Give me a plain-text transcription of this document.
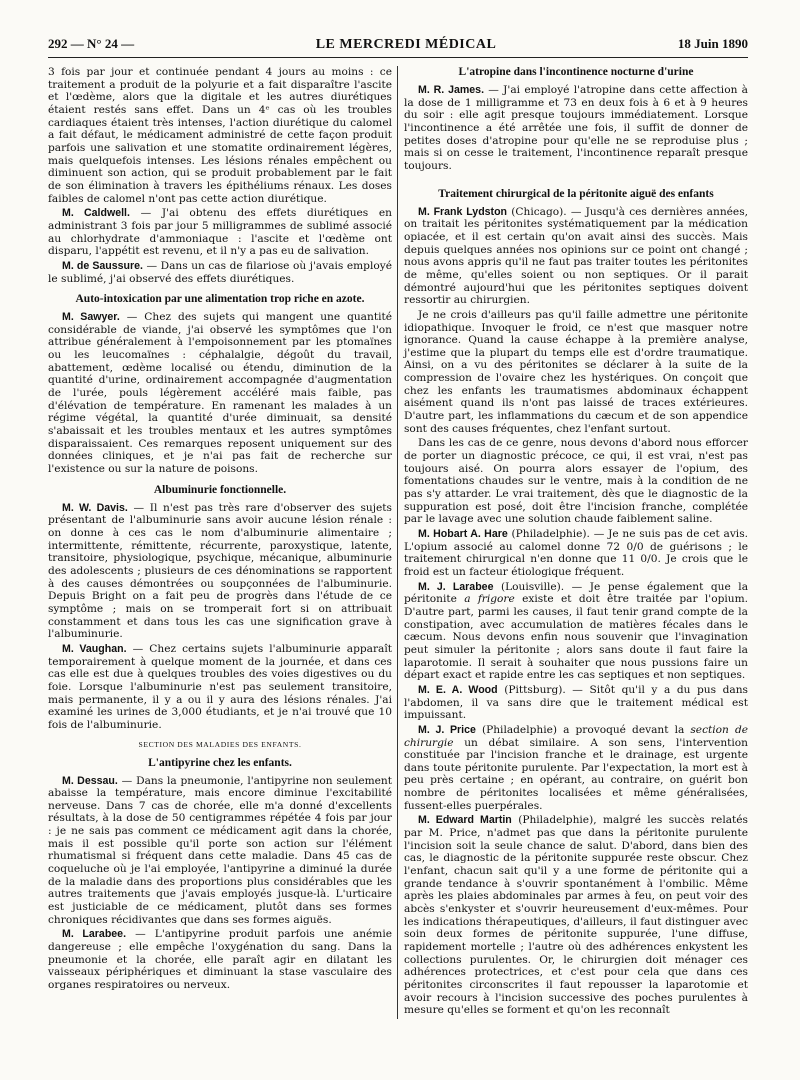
292 — N° 24 —	LE MERCREDI MÉDICAL	18 Juin 1890

3 fois par jour et continuée pendant 4 jours au moins : ce traitement a produit de la polyurie et a fait disparaître l'ascite et l'œdème, alors que la digitale et les autres diurétiques étaient restés sans effet. Dans un 4ᵉ cas où les troubles cardiaques étaient très intenses, l'action diurétique du calomel a fait défaut, le médicament administré de cette façon produit parfois une salivation et une stomatite ordinairement légères, mais quelquefois intenses. Les lésions rénales empêchent ou diminuent son action, qui se produit probablement par le fait de son élimination à travers les épithéliums rénaux. Les doses faibles de calomel n'ont pas cette action diurétique.

M. Caldwell. — J'ai obtenu des effets diurétiques en administrant 3 fois par jour 5 milligrammes de sublimé associé au chlorhydrate d'ammoniaque : l'ascite et l'œdème ont disparu, l'appétit est revenu, et il n'y a pas eu de salivation.

M. de Saussure. — Dans un cas de filariose où j'avais employé le sublimé, j'ai observé des effets diurétiques.

Auto-intoxication par une alimentation trop riche en azote.

M. Sawyer. — Chez des sujets qui mangent une quantité considérable de viande, j'ai observé les symptômes que l'on attribue généralement à l'empoisonnement par les ptomaïnes ou les leucomaïnes : céphalalgie, dégoût du travail, abattement, œdème localisé ou étendu, diminution de la quantité d'urine, ordinairement accompagnée d'augmentation de l'urée, pouls légèrement accéléré mais faible, pas d'élévation de température. En ramenant les malades à un régime végétal, la quantité d'urée diminuait, sa densité s'abaissait et les troubles mentaux et les autres symptômes disparaissaient. Ces remarques reposent uniquement sur des données cliniques, et je n'ai pas fait de recherche sur l'existence ou sur la nature de poisons.

Albuminurie fonctionnelle.

M. W. Davis. — Il n'est pas très rare d'observer des sujets présentant de l'albuminurie sans avoir aucune lésion rénale : on donne à ces cas le nom d'albuminurie alimentaire ; intermittente, rémittente, récurrente, paroxystique, latente, transitoire, physiologique, psychique, mécanique, albuminurie des adolescents ; plusieurs de ces dénominations se rapportent à des causes démontrées ou soupçonnées de l'albuminurie. Depuis Bright on a fait peu de progrès dans l'étude de ce symptôme ; mais on se tromperait fort si on attribuait constamment et dans tous les cas une signification grave à l'albuminurie.

M. Vaughan. — Chez certains sujets l'albuminurie apparaît temporairement à quelque moment de la journée, et dans ces cas elle est due à quelques troubles des voies digestives ou du foie. Lorsque l'albuminurie n'est pas seulement transitoire, mais permanente, il y a ou il y aura des lésions rénales. J'ai examiné les urines de 3,000 étudiants, et je n'ai trouvé que 10 fois de l'albuminurie.

SECTION DES MALADIES DES ENFANTS.
L'antipyrine chez les enfants.

M. Dessau. — Dans la pneumonie, l'antipyrine non seulement abaisse la température, mais encore diminue l'excitabilité nerveuse. Dans 7 cas de chorée, elle m'a donné d'excellents résultats, à la dose de 50 centigrammes répétée 4 fois par jour : je ne sais pas comment ce médicament agit dans la chorée, mais il est possible qu'il porte son action sur l'élément rhumatismal si fréquent dans cette maladie. Dans 45 cas de coqueluche où je l'ai employée, l'antipyrine a diminué la durée de la maladie dans des proportions plus considérables que les autres traitements que j'avais employés jusque-là. L'urticaire est justiciable de ce médicament, plutôt dans ses formes chroniques récidivantes que dans ses formes aiguës.

M. Larabee. — L'antipyrine produit parfois une anémie dangereuse ; elle empêche l'oxygénation du sang. Dans la pneumonie et la chorée, elle paraît agir en dilatant les vaisseaux périphériques et diminuant la stase vasculaire des organes respiratoires ou nerveux.

L'atropine dans l'incontinence nocturne d'urine

M. R. James. — J'ai employé l'atropine dans cette affection à la dose de 1 milligramme et 73 en deux fois à 6 et à 9 heures du soir : elle agit presque toujours immédiatement. Lorsque l'incontinence a été arrêtée une fois, il suffit de donner de petites doses d'atropine pour qu'elle ne se reproduise plus ; mais si on cesse le traitement, l'incontinence reparaît presque toujours.

Traitement chirurgical de la péritonite aiguë des enfants

M. Frank Lydston (Chicago). — Jusqu'à ces dernières années, on traitait les péritonites systématiquement par la médication opiacée, et il est certain qu'on avait ainsi des succès. Mais depuis quelques années nos opinions sur ce point ont changé ; nous avons appris qu'il ne faut pas traiter toutes les péritonites de même, qu'elles soient ou non septiques. Or il parait démontré aujourd'hui que les péritonites septiques doivent ressortir au chirurgien.

Je ne crois d'ailleurs pas qu'il faille admettre une péritonite idiopathique. Invoquer le froid, ce n'est que masquer notre ignorance. Quand la cause échappe à la première analyse, j'estime que la plupart du temps elle est d'ordre traumatique. Ainsi, on a vu des péritonites se déclarer à la suite de la compression de l'ovaire chez les hystériques. On conçoit que chez les enfants les traumatismes abdominaux échappent aisément quand ils n'ont pas laissé de traces extérieures. D'autre part, les inflammations du cæcum et de son appendice sont des causes fréquentes, chez l'enfant surtout.

Dans les cas de ce genre, nous devons d'abord nous efforcer de porter un diagnostic précoce, ce qui, il est vrai, n'est pas toujours aisé. On pourra alors essayer de l'opium, des fomentations chaudes sur le ventre, mais à la condition de ne pas s'y attarder. Le vrai traitement, dès que le diagnostic de la suppuration est posé, doit être l'incision franche, complétée par le lavage avec une solution chaude faiblement saline.

M. Hobart A. Hare (Philadelphie). — Je ne suis pas de cet avis. L'opium associé au calomel donne 72 0/0 de guérisons ; le traitement chirurgical n'en donne que 11 0/0. Je crois que le froid est un facteur étiologique fréquent.

M. J. Larabee (Louisville). — Je pense également que la péritonite a frigore existe et doit être traitée par l'opium. D'autre part, parmi les causes, il faut tenir grand compte de la constipation, avec accumulation de matières fécales dans le cæcum. Nous devons enfin nous souvenir que l'invagination peut simuler la péritonite ; alors sans doute il faut faire la laparotomie. Il serait à souhaiter que nous pussions faire un départ exact et rapide entre les cas septiques et non septiques.

M. E. A. Wood (Pittsburg). — Sitôt qu'il y a du pus dans l'abdomen, il va sans dire que le traitement médical est impuissant.

M. J. Price (Philadelphie) a provoqué devant la section de chirurgie un débat similaire. A son sens, l'intervention constituée par l'incision franche et le drainage, est urgente dans toute péritonite purulente. Par l'expectation, la mort est à peu près certaine ; en opérant, au contraire, on guérit bon nombre de péritonites localisées et même généralisées, fussent-elles puerpérales.

M. Edward Martin (Philadelphie), malgré les succès relatés par M. Price, n'admet pas que dans la péritonite purulente l'incision soit la seule chance de salut. D'abord, dans bien des cas, le diagnostic de la péritonite suppurée reste obscur. Chez l'enfant, chacun sait qu'il y a une forme de péritonite qui a grande tendance à s'ouvrir spontanément à l'ombilic. Même après les plaies abdominales par armes à feu, on peut voir des abcès s'enkyster et s'ouvrir heureusement d'eux-mêmes. Pour les indications thérapeutiques, d'ailleurs, il faut distinguer avec soin deux formes de péritonite suppurée, l'une diffuse, rapidement mortelle ; l'autre où des adhérences enkystent les collections purulentes. Or, le chirurgien doit ménager ces adhérences protectrices, et c'est pour cela que dans ces péritonites circonscrites il faut repousser la laparotomie et avoir recours à l'incision successive des poches purulentes à mesure qu'elles se forment et qu'on les reconnaît
